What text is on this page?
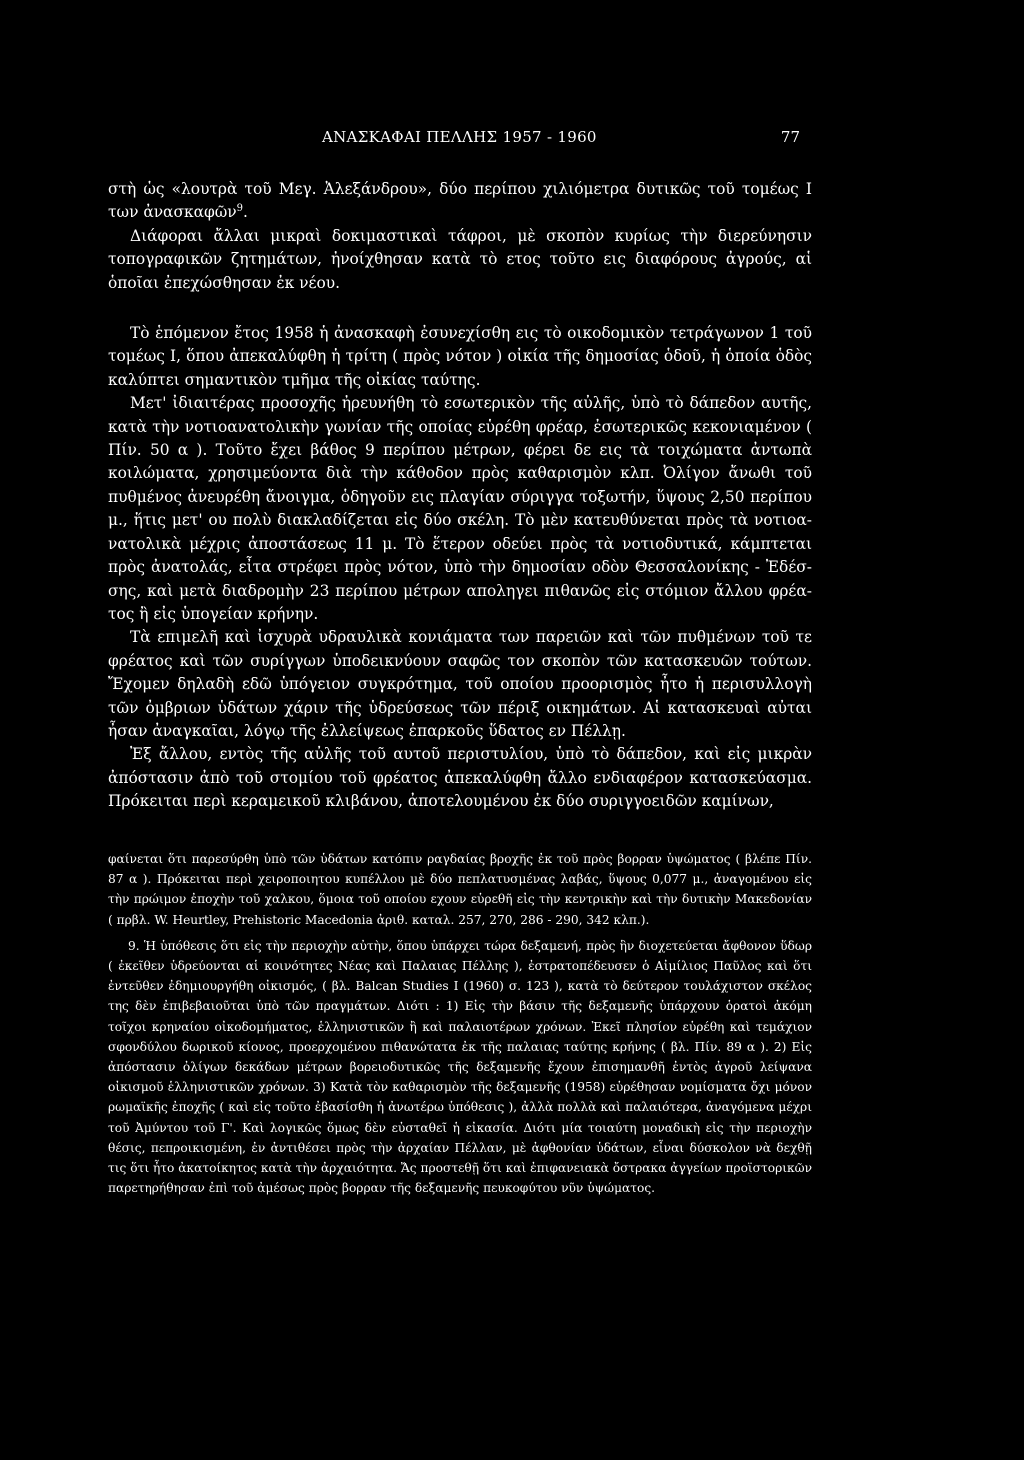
ΑΝΑΣΚΑΦΑΙ ΠΕΛΛΗΣ 1957 - 1960	77

στὴ ὡς «λουτρὰ τοῦ Μεγ. Ἀλεξάνδρου», δύο περίπου χιλιόμετρα δυτικῶς τοῦ τομέως Ι των ἀνασκαφῶν$^9$.

Διάφοραι ἄλλαι μικραὶ δοκιμαστικαὶ τάφροι, μὲ σκοπὸν κυρίως τὴν διερεύνησιν τοπογραφικῶν ζητημάτων, ἠνοίχθησαν κατὰ τὸ ετος τοῦτο εις διαφόρους ἀγρούς, αἱ ὁποῖαι ἐπεχώσθησαν ἐκ νέου.

Τὸ ἑπόμενον ἔτος 1958 ἡ ἀνασκαφὴ ἐσυνεχίσθη εις τὸ οικοδομικὸν τετράγωνον 1 τοῦ τομέως Ι, ὅπου ἀπεκαλύφθη ἡ τρίτη ( πρὸς νότον ) οἰκία τῆς δημοσίας ὁδοῦ, ἡ ὁποία ὁδὸς καλύπτει σημαντικὸν τμῆμα τῆς οἰκίας ταύτης.

Μετ' ἰδιαιτέρας προσοχῆς ἠρευνήθη τὸ εσωτερικὸν τῆς αὐλῆς, ὑπὸ τὸ δάπεδον αυτῆς, κατὰ τὴν νοτιοανατολικὴν γωνίαν τῆς οποίας εὑρέθη φρέαρ, ἐσωτερικῶς κεκονιαμένον ( Πίν. 50 α ). Τοῦτο ἔχει βάθος 9 περίπου μέτρων, φέρει δε εις τὰ τοιχώματα ἀντωπὰ κοιλώματα, χρησιμεύοντα διὰ τὴν κάθοδον πρὸς καθαρισμὸν κλπ. Ὀλίγον ἄνωθι τοῦ πυθμένος ἀνευρέθη ἄνοιγμα, ὁδηγοῦν εις πλαγίαν σύριγγα τοξωτήν, ὕψους 2,50 περίπου μ., ἥτις μετ' ου πολὺ διακλαδίζεται εἰς δύο σκέλη. Τὸ μὲν κατευθύνεται πρὸς τὰ νοτιοανατολικὰ μέχρις ἀποστάσεως 11 μ. Τὸ ἕτερον οδεύει πρὸς τὰ νοτιοδυτικά, κάμπτεται πρὸς ἀνατολάς, εἶτα στρέφει πρὸς νότον, ὑπὸ τὴν δημοσίαν οδὸν Θεσσαλονίκης - Ἐδέσσης, καὶ μετὰ διαδρομὴν 23 περίπου μέτρων αποληγει πιθανῶς εἰς στόμιον ἄλλου φρέατος ἢ εἰς ὑπογείαν κρήνην.

Τὰ επιμελῆ καὶ ἰσχυρὰ υδραυλικὰ κονιάματα των παρειῶν καὶ τῶν πυθμένων τοῦ τε φρέατος καὶ τῶν συρίγγων ὑποδεικνύουν σαφῶς τον σκοπὸν τῶν κατασκευῶν τούτων. Ἔχομεν δηλαδὴ εδῶ ὑπόγειον συγκρότημα, τοῦ οποίου προορισμὸς ἦτο ἡ περισυλλογὴ τῶν ὀμβριων ὑδάτων χάριν τῆς ὑδρεύσεως τῶν πέριξ οικημάτων. Αἱ κατασκευαὶ αὐται ἦσαν ἀναγκαῖαι, λόγῳ τῆς ἐλλείψεως ἐπαρκοῦς ὕδατος εν Πέλλῃ.

Ἐξ ἄλλου, εντὸς τῆς αὐλῆς τοῦ αυτοῦ περιστυλίου, ὑπὸ τὸ δάπεδον, καὶ εἰς μικρὰν ἀπόστασιν ἀπὸ τοῦ στομίου τοῦ φρέατος ἀπεκαλύφθη ἄλλο ενδιαφέρον κατασκεύασμα. Πρόκειται περὶ κεραμεικοῦ κλιβάνου, ἀποτελουμένου ἐκ δύο συριγγοειδῶν καμίνων,

φαίνεται ὅτι παρεσύρθη ὑπὸ τῶν ὑδάτων κατόπιν ραγδαίας βροχῆς ἐκ τοῦ πρὸς βορραν ὑψώματος ( βλέπε Πίν. 87 α ). Πρόκειται περὶ χειροποιητου κυπέλλου μὲ δύο πεπλατυσμένας λαβάς, ὕψους 0,077 μ., ἀναγομένου εἰς τὴν πρώιμον ἐποχὴν τοῦ χαλκου, ὅμοια τοῦ οποίου εχουν εὑρεθῆ εἰς τὴν κεντρικὴν καὶ τὴν δυτικὴν Μακεδονίαν ( πρβλ. W. Heurtley, Prehistoric Macedonia ἀριθ. καταλ. 257, 270, 286 - 290, 342 κλπ.).

9. Ἡ ὑπόθεσις ὅτι εἰς τὴν περιοχὴν αὐτὴν, ὅπου ὑπάρχει τώρα δεξαμενή, πρὸς ἣν διοχετεύεται ἄφθονον ὕδωρ ( ἐκεῖθεν ὑδρεύονται αἱ κοινότητες Νέας καὶ Παλαιας Πέλλης ), ἐστρατοπέδευσεν ὁ Αἰμίλιος Παῦλος καὶ ὅτι ἐντεῦθεν ἐδημιουργήθη οἰκισμός, ( βλ. Balcan Studies I (1960) σ. 123 ), κατὰ τὸ δεύτερον τουλάχιστον σκέλος της δὲν ἐπιβεβαιοῦται ὑπὸ τῶν πραγμάτων. Διότι : 1) Εἰς τὴν βάσιν τῆς δεξαμενῆς ὑπάρχουν ὁρατοὶ ἀκόμη τοῖχοι κρηναίου οἰκοδομήματος, ἑλληνιστικῶν ἢ καὶ παλαιοτέρων χρόνων. Ἐκεῖ πλησίον εὑρέθη καὶ τεμάχιον σφονδύλου δωρικοῦ κίονος, προερχομένου πιθανώτατα ἐκ τῆς παλαιας ταύτης κρήνης ( βλ. Πίν. 89 α ). 2) Εἰς ἀπόστασιν ὀλίγων δεκάδων μέτρων βορειοδυτικῶς τῆς δεξαμενῆς ἔχουν ἐπισημανθῆ ἐντὸς ἀγροῦ λείψανα οἰκισμοῦ ἑλληνιστικῶν χρόνων. 3) Κατὰ τὸν καθαρισμὸν τῆς δεξαμενῆς (1958) εὑρέθησαν νομίσματα ὄχι μόνον ρωμαϊκῆς ἐποχῆς ( καὶ εἰς τοῦτο ἐβασίσθη ἡ ἀνωτέρω ὑπόθεσις ), ἀλλὰ πολλὰ καὶ παλαιότερα, ἀναγόμενα μέχρι τοῦ Ἀμύντου τοῦ Γ'. Καὶ λογικῶς ὅμως δὲν εὐσταθεῖ ἡ εἰκασία. Διότι μία τοιαύτη μοναδικὴ εἰς τὴν περιοχὴν θέσις, πεπροικισμένη, ἐν ἀντιθέσει πρὸς τὴν ἀρχαίαν Πέλλαν, μὲ ἀφθονίαν ὑδάτων, εἶναι δύσκολον νὰ δεχθῇ τις ὅτι ἦτο ἀκατοίκητος κατὰ τὴν ἀρχαιότητα. Ἄς προστεθῇ ὅτι καὶ ἐπιφανειακὰ ὄστρακα ἀγγείων προϊστορικῶν παρετηρήθησαν ἐπὶ τοῦ ἀμέσως πρὸς βορραν τῆς δεξαμενῆς πευκοφύτου νῦν ὑψώματος.
